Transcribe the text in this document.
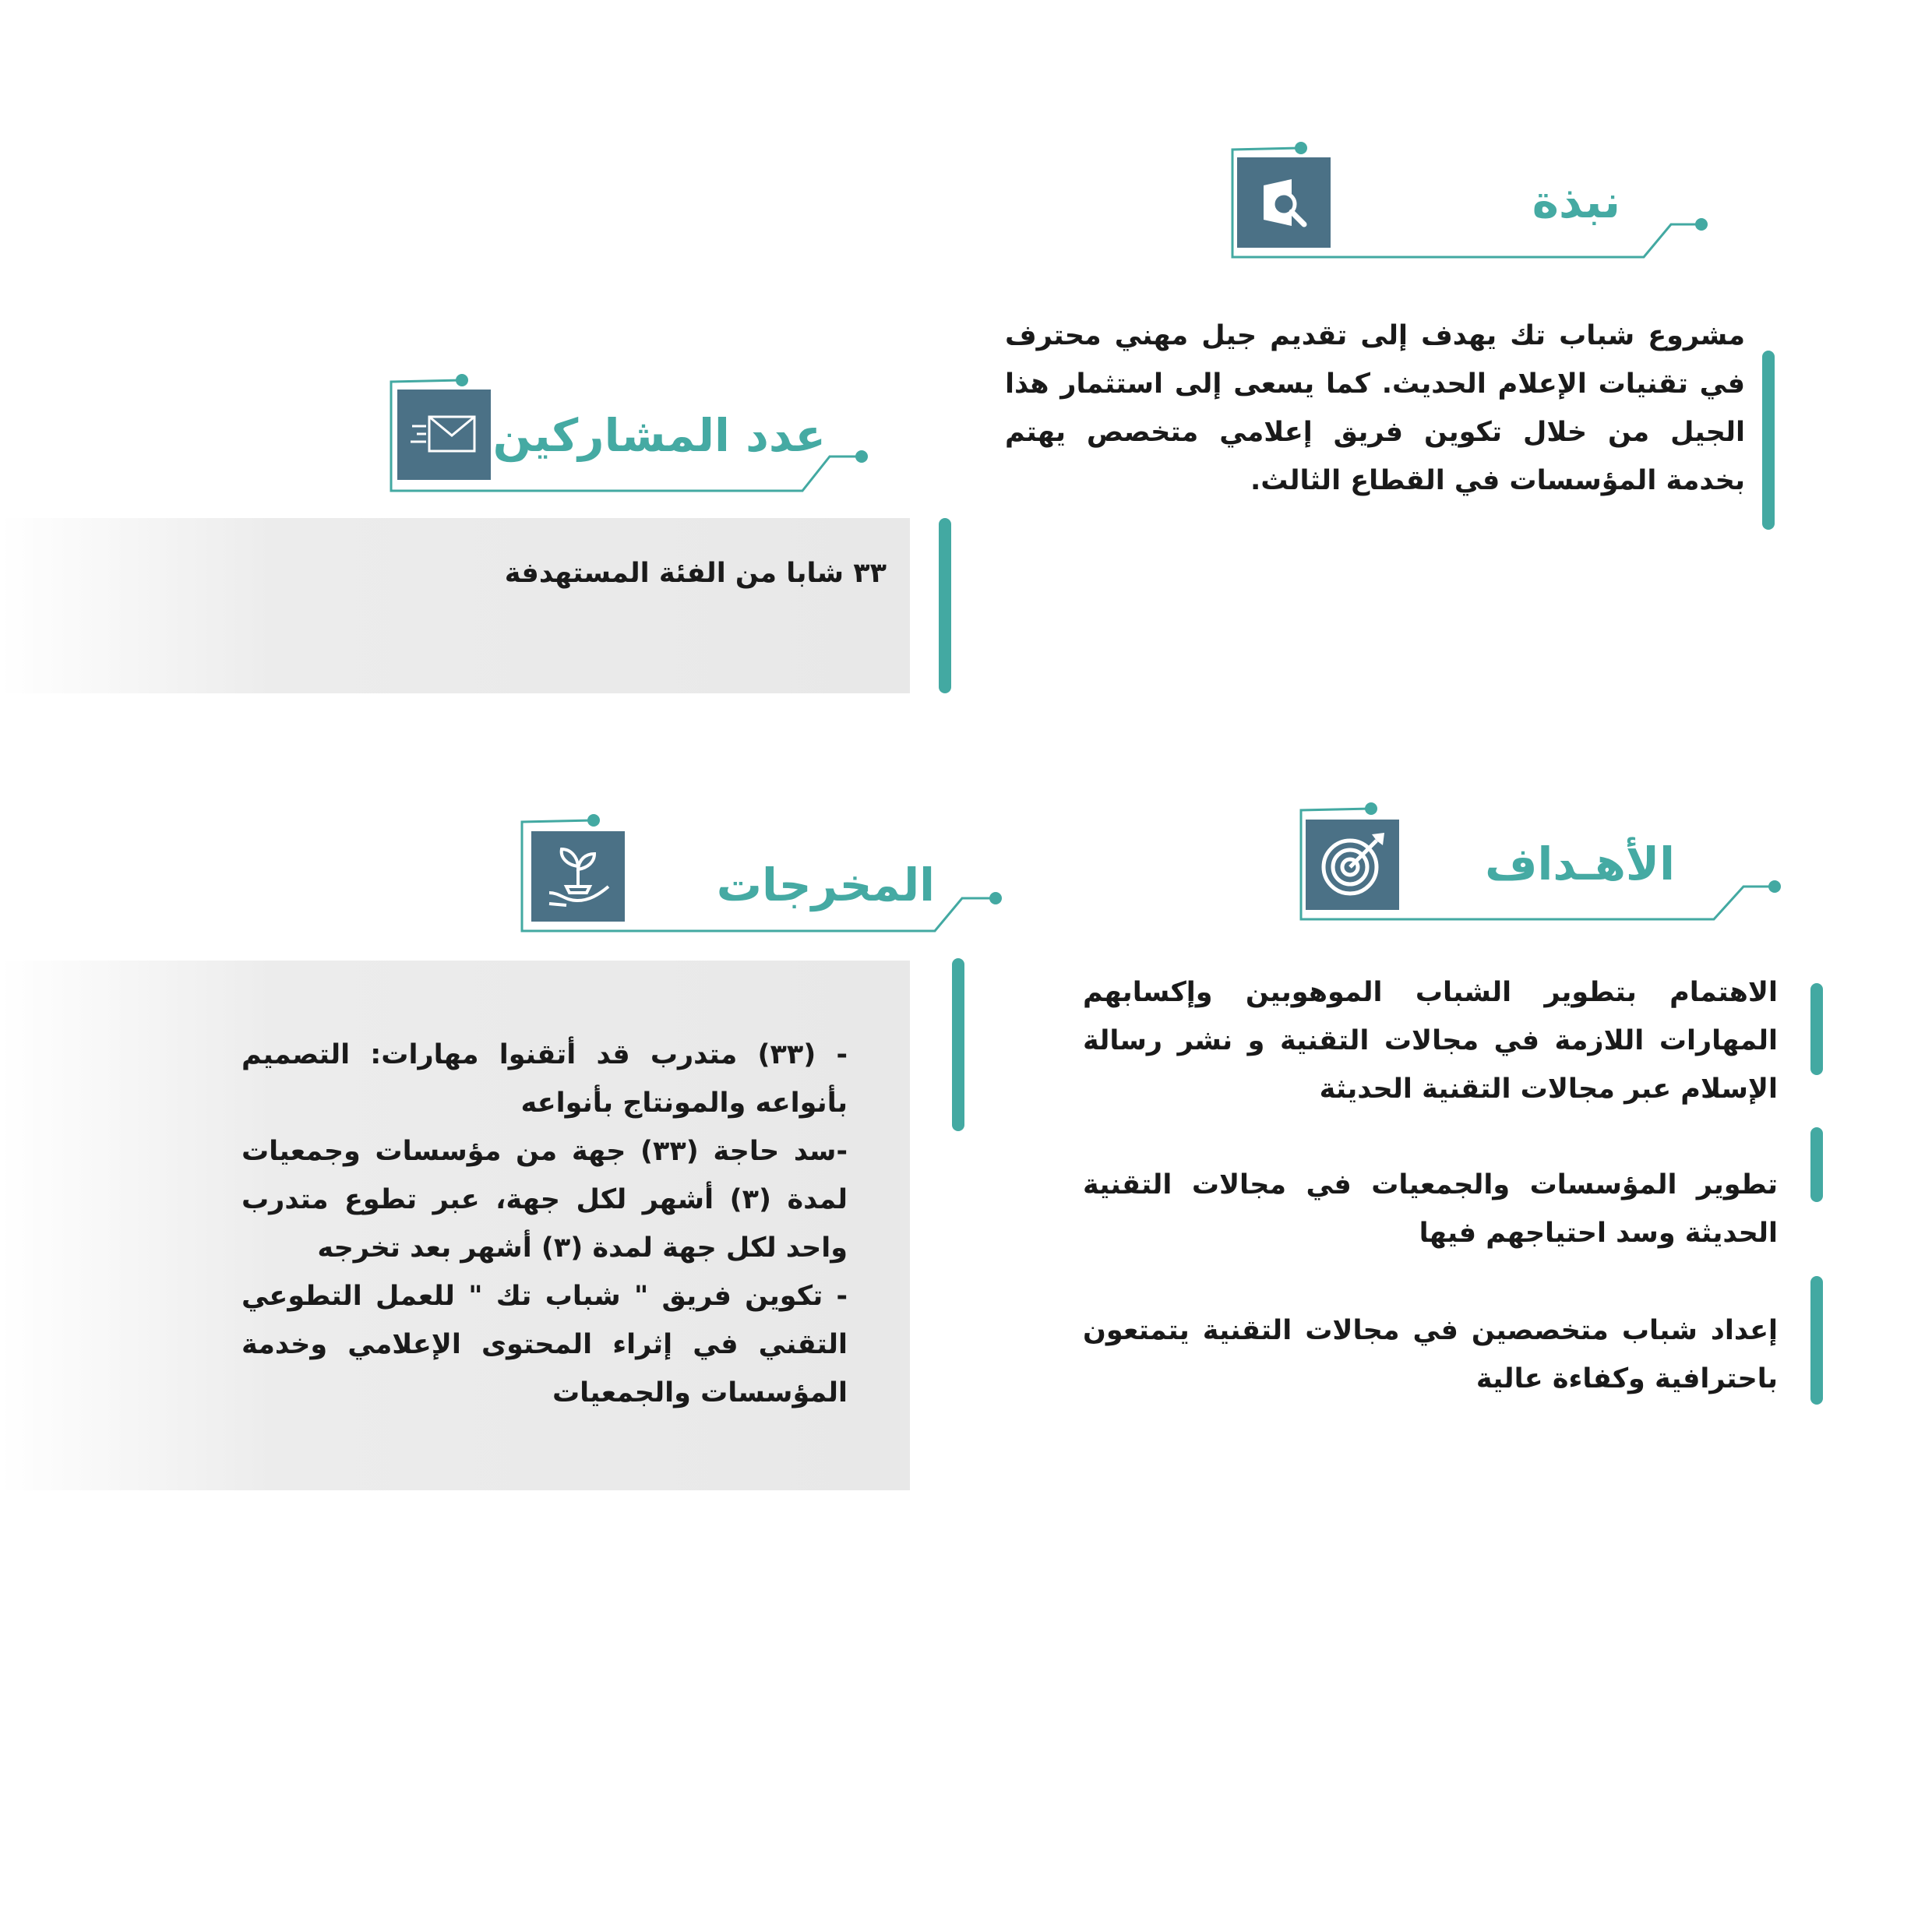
نبذة
مشروع شباب تك يهدف إلى تقديم جيل مهني محترف في تقنيات الإعلام الحديث. كما يسعى إلى استثمار هذا الجيل من خلال تكوين فريق إعلامي متخصص يهتم بخدمة المؤسسات في القطاع الثالث.
عدد المشاركين
٣٣ شابا من الفئة المستهدفة
الأهـداف
الاهتمام بتطوير الشباب الموهوبين وإكسابهم المهارات اللازمة في مجالات التقنية و نشر رسالة الإسلام عبر مجالات التقنية الحديثة
تطوير المؤسسات والجمعيات في مجالات التقنية الحديثة وسد احتياجهم فيها
إعداد شباب متخصصين في مجالات التقنية يتمتعون باحترافية وكفاءة عالية
المخرجات
- (٣٣) متدرب قد أتقنوا مهارات: التصميم بأنواعه والمونتاج بأنواعه
-سد حاجة (٣٣) جهة من مؤسسات وجمعيات لمدة (٣) أشهر لكل جهة، عبر تطوع متدرب واحد لكل جهة لمدة (٣) أشهر بعد تخرجه
- تكوين فريق " شباب تك " للعمل التطوعي التقني في إثراء المحتوى الإعلامي وخدمة المؤسسات والجمعيات
